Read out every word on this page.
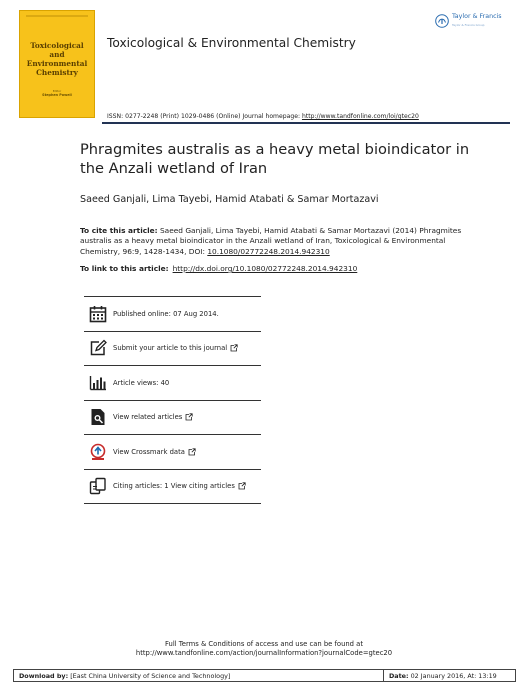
Toxicological and Environmental Chemistry
Editor
Stephen Powell
Toxicological & Environmental Chemistry
Taylor & Francis
Taylor & Francis Group
ISSN: 0277-2248 (Print) 1029-0486 (Online) Journal homepage: http://www.tandfonline.com/loi/gtec20
Phragmites australis as a heavy metal bioindicator in the Anzali wetland of Iran
Saeed Ganjali, Lima Tayebi, Hamid Atabati & Samar Mortazavi
To cite this article: Saeed Ganjali, Lima Tayebi, Hamid Atabati & Samar Mortazavi (2014) Phragmites australis as a heavy metal bioindicator in the Anzali wetland of Iran, Toxicological & Environmental Chemistry, 96:9, 1428-1434, DOI: 10.1080/02772248.2014.942310
To link to this article: http://dx.doi.org/10.1080/02772248.2014.942310
Published online: 07 Aug 2014.
Submit your article to this journal
Article views: 40
View related articles
View Crossmark data
Citing articles: 1 View citing articles
Full Terms & Conditions of access and use can be found at
http://www.tandfonline.com/action/journalInformation?journalCode=gtec20
Download by: [East China University of Science and Technology]	Date: 02 January 2016, At: 13:19
